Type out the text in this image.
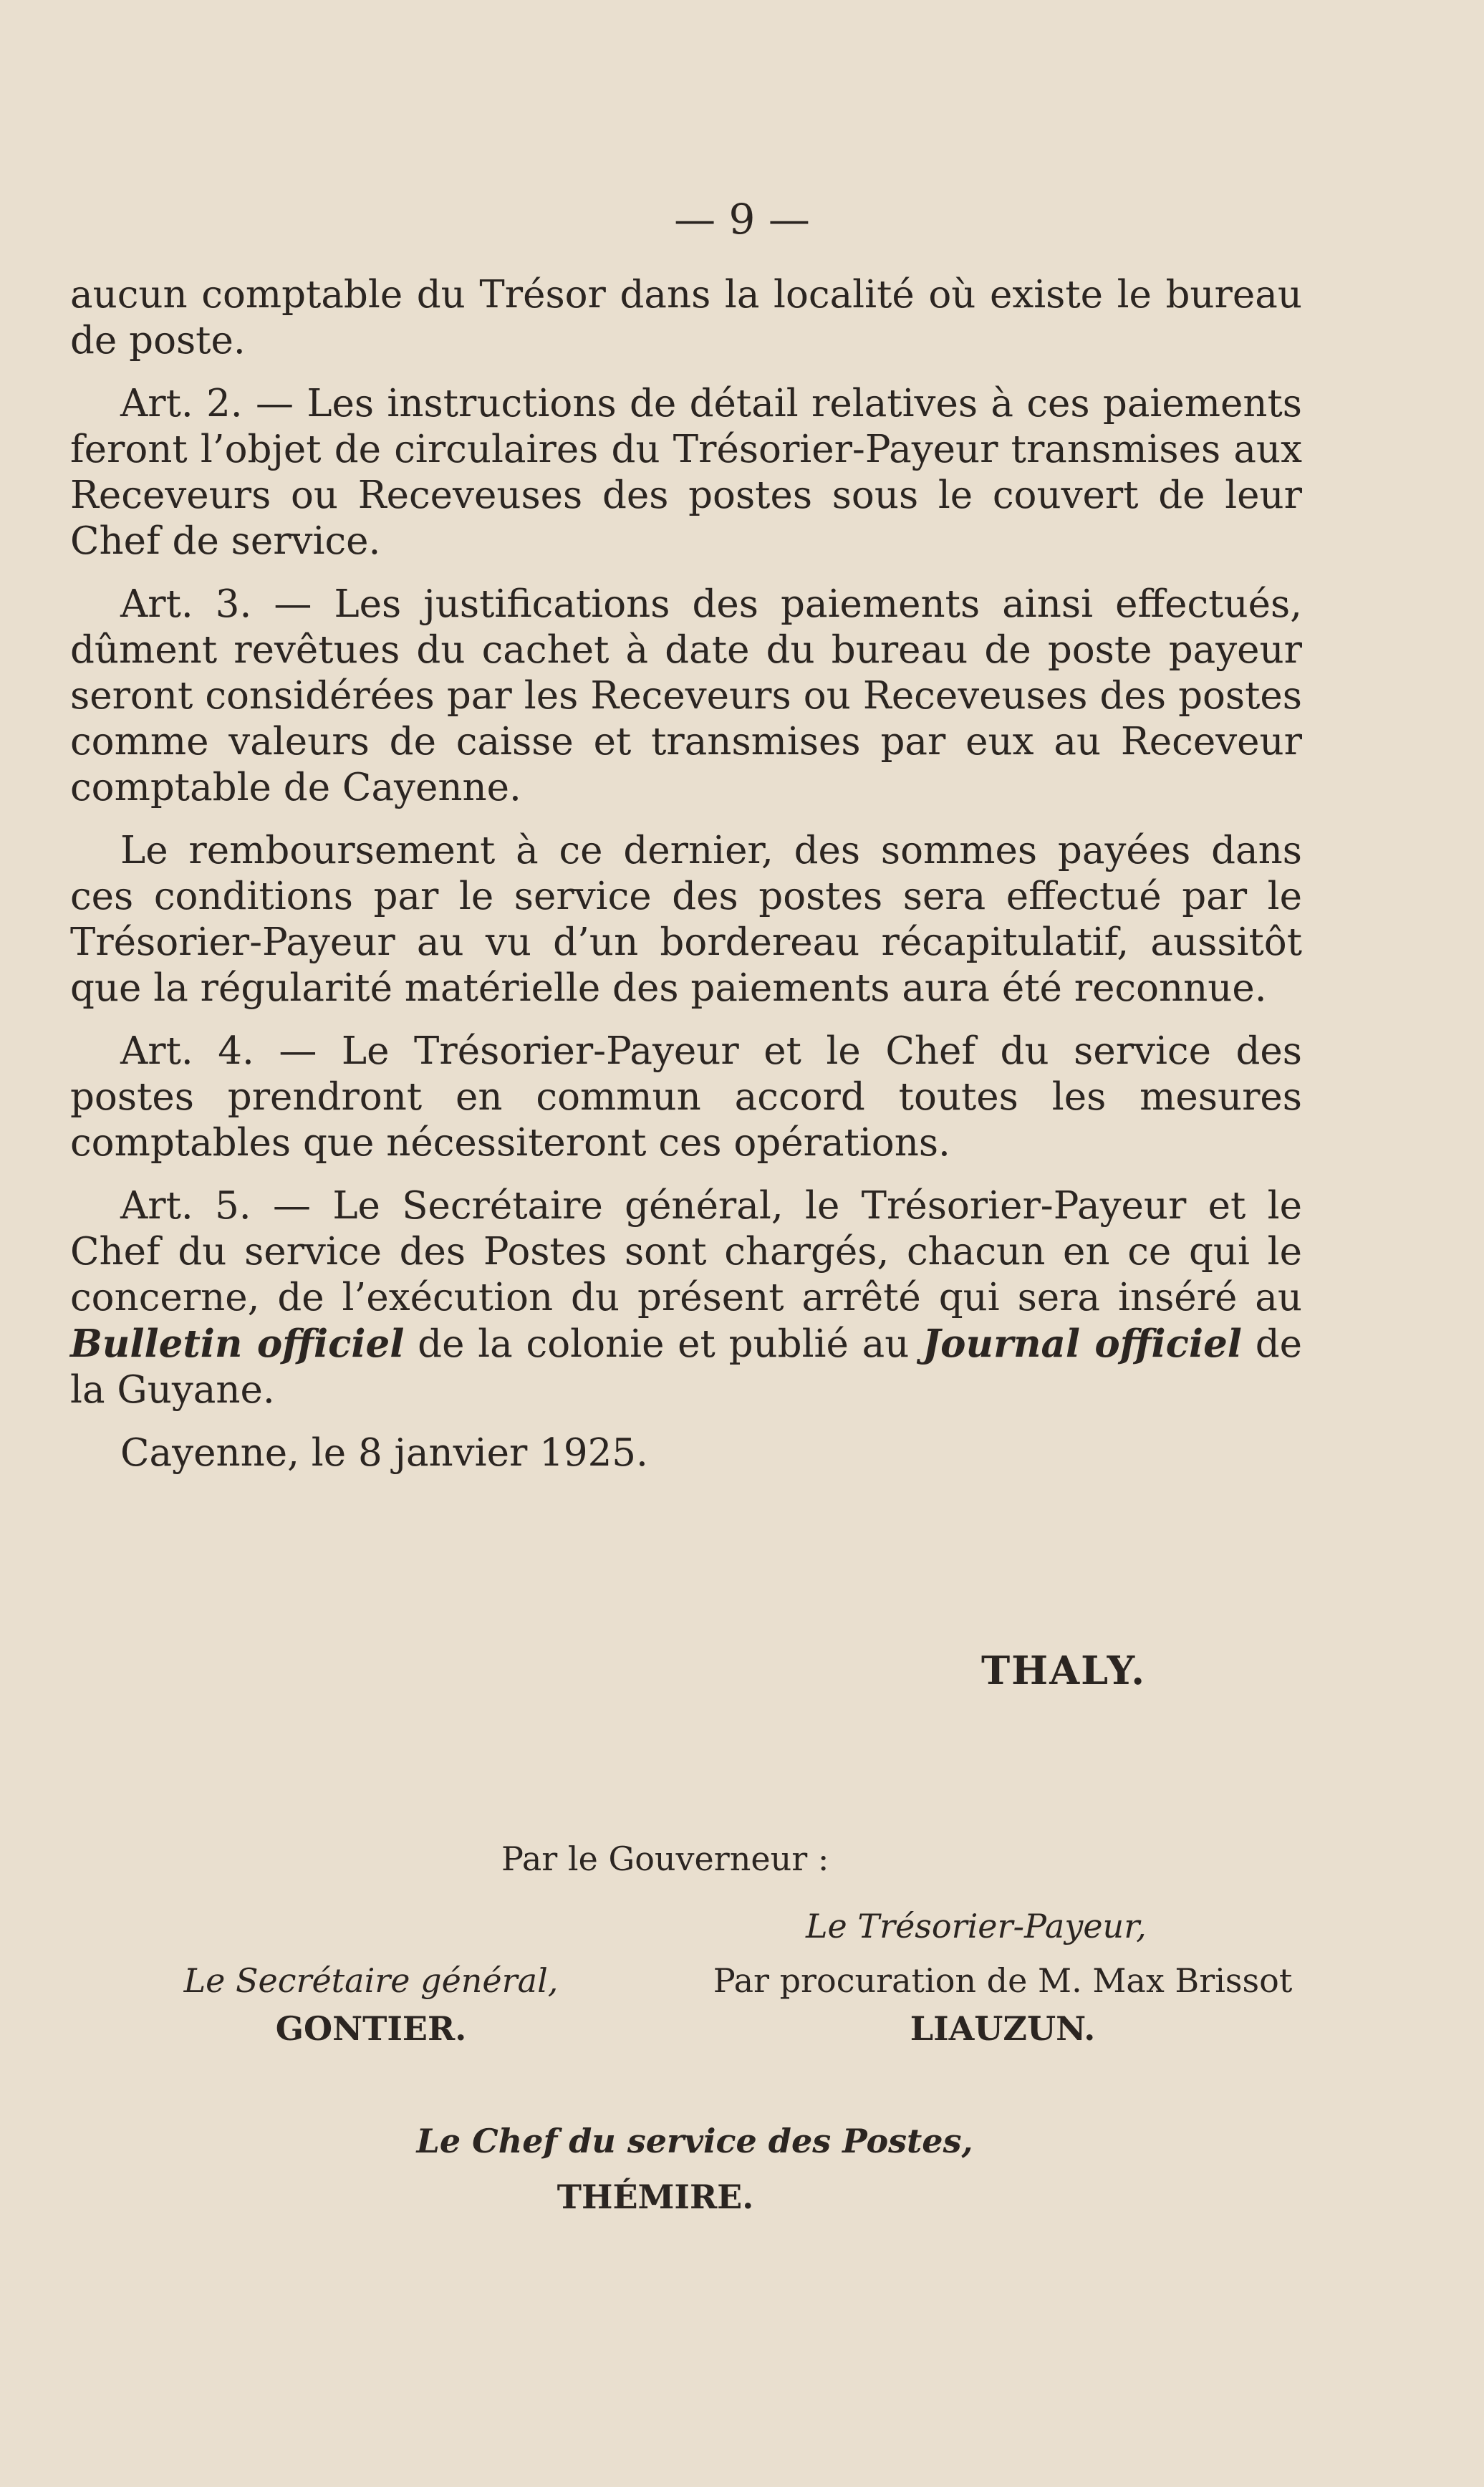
— 9 —

aucun comptable du Trésor dans la localité où existe le bureau de poste.

Art. 2. — Les instructions de détail relatives à ces paiements feront l’objet de circulaires du Trésorier-Payeur transmises aux Receveurs ou Receveuses des postes sous le couvert de leur Chef de service.

Art. 3. — Les justifications des paiements ainsi effectués, dûment revêtues du cachet à date du bureau de poste payeur seront considérées par les Receveurs ou Receveuses des postes comme valeurs de caisse et transmises par eux au Receveur comptable de Cayenne.

Le remboursement à ce dernier, des sommes payées dans ces conditions par le service des postes sera effectué par le Trésorier-Payeur au vu d’un bordereau récapitulatif, aussitôt que la régularité matérielle des paiements aura été reconnue.

Art. 4. — Le Trésorier-Payeur et le Chef du service des postes prendront en commun accord toutes les mesures comptables que nécessiteront ces opérations.

Art. 5. — Le Secrétaire général, le Trésorier-Payeur et le Chef du service des Postes sont chargés, chacun en ce qui le concerne, de l’exécution du présent arrêté qui sera inséré au Bulletin officiel de la colonie et publié au Journal officiel de la Guyane.

Cayenne, le 8 janvier 1925.

THALY.
Par le Gouverneur :
Le Trésorier-Payeur,
Le Secrétaire général,	Par procuration de M. Max Brissot
GONTIER.	LIAUZUN.
Le Chef du service des Postes,
THÉMIRE.
